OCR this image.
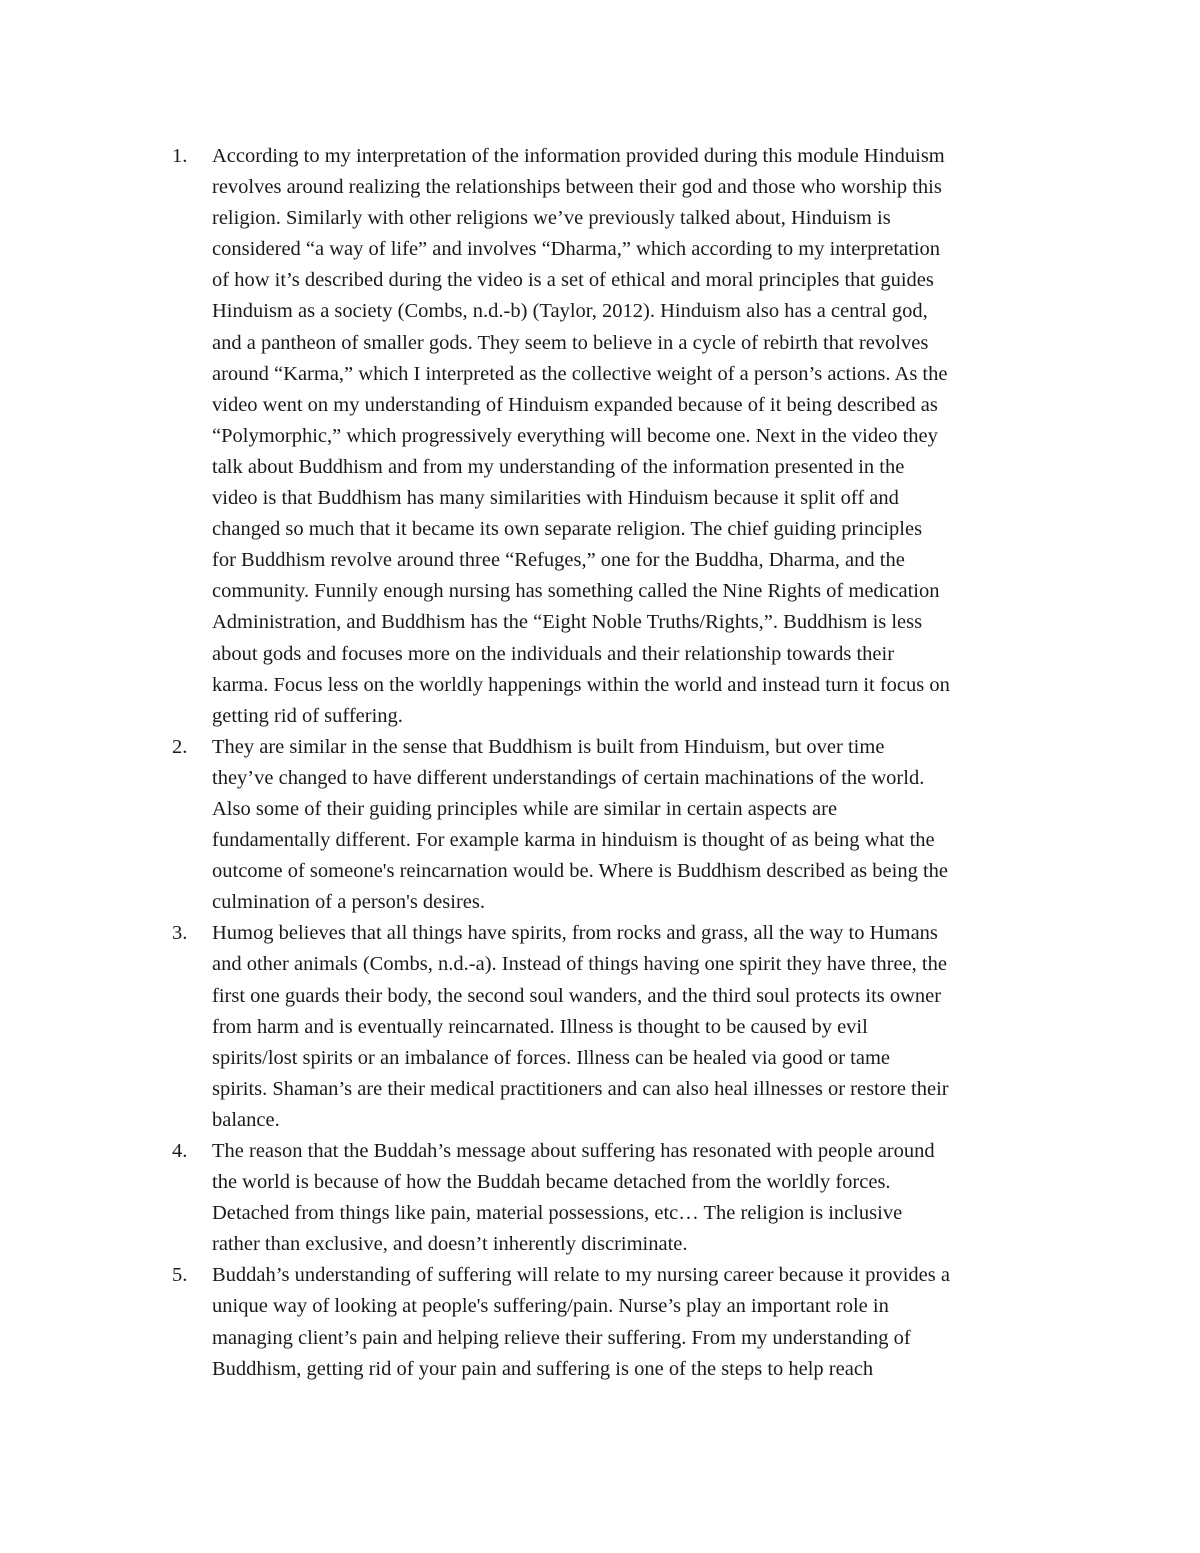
1.	According to my interpretation of the information provided during this module Hinduism
revolves around realizing the relationships between their god and those who worship this
religion. Similarly with other religions we’ve previously talked about, Hinduism is
considered “a way of life” and involves “Dharma,” which according to my interpretation
of how it’s described during the video is a set of ethical and moral principles that guides
Hinduism as a society (Combs, n.d.-b) (Taylor, 2012). Hinduism also has a central god,
and a pantheon of smaller gods. They seem to believe in a cycle of rebirth that revolves
around “Karma,” which I interpreted as the collective weight of a person’s actions. As the
video went on my understanding of Hinduism expanded because of it being described as
“Polymorphic,” which progressively everything will become one. Next in the video they
talk about Buddhism and from my understanding of the information presented in the
video is that Buddhism has many similarities with Hinduism because it split off and
changed so much that it became its own separate religion. The chief guiding principles
for Buddhism revolve around three “Refuges,” one for the Buddha, Dharma, and the
community. Funnily enough nursing has something called the Nine Rights of medication
Administration, and Buddhism has the “Eight Noble Truths/Rights,”. Buddhism is less
about gods and focuses more on the individuals and their relationship towards their
karma. Focus less on the worldly happenings within the world and instead turn it focus on
getting rid of suffering.
2.	They are similar in the sense that Buddhism is built from Hinduism, but over time
they’ve changed to have different understandings of certain machinations of the world.
Also some of their guiding principles while are similar in certain aspects are
fundamentally different. For example karma in hinduism is thought of as being what the
outcome of someone's reincarnation would be. Where is Buddhism described as being the
culmination of a person's desires.
3.	Humog believes that all things have spirits, from rocks and grass, all the way to Humans
and other animals (Combs, n.d.-a). Instead of things having one spirit they have three, the
first one guards their body, the second soul wanders, and the third soul protects its owner
from harm and is eventually reincarnated. Illness is thought to be caused by evil
spirits/lost spirits or an imbalance of forces. Illness can be healed via good or tame
spirits. Shaman’s are their medical practitioners and can also heal illnesses or restore their
balance.
4.	The reason that the Buddah’s message about suffering has resonated with people around
the world is because of how the Buddah became detached from the worldly forces.
Detached from things like pain, material possessions, etc… The religion is inclusive
rather than exclusive, and doesn’t inherently discriminate.
5.	Buddah’s understanding of suffering will relate to my nursing career because it provides a
unique way of looking at people's suffering/pain. Nurse’s play an important role in
managing client’s pain and helping relieve their suffering. From my understanding of
Buddhism, getting rid of your pain and suffering is one of the steps to help reach
